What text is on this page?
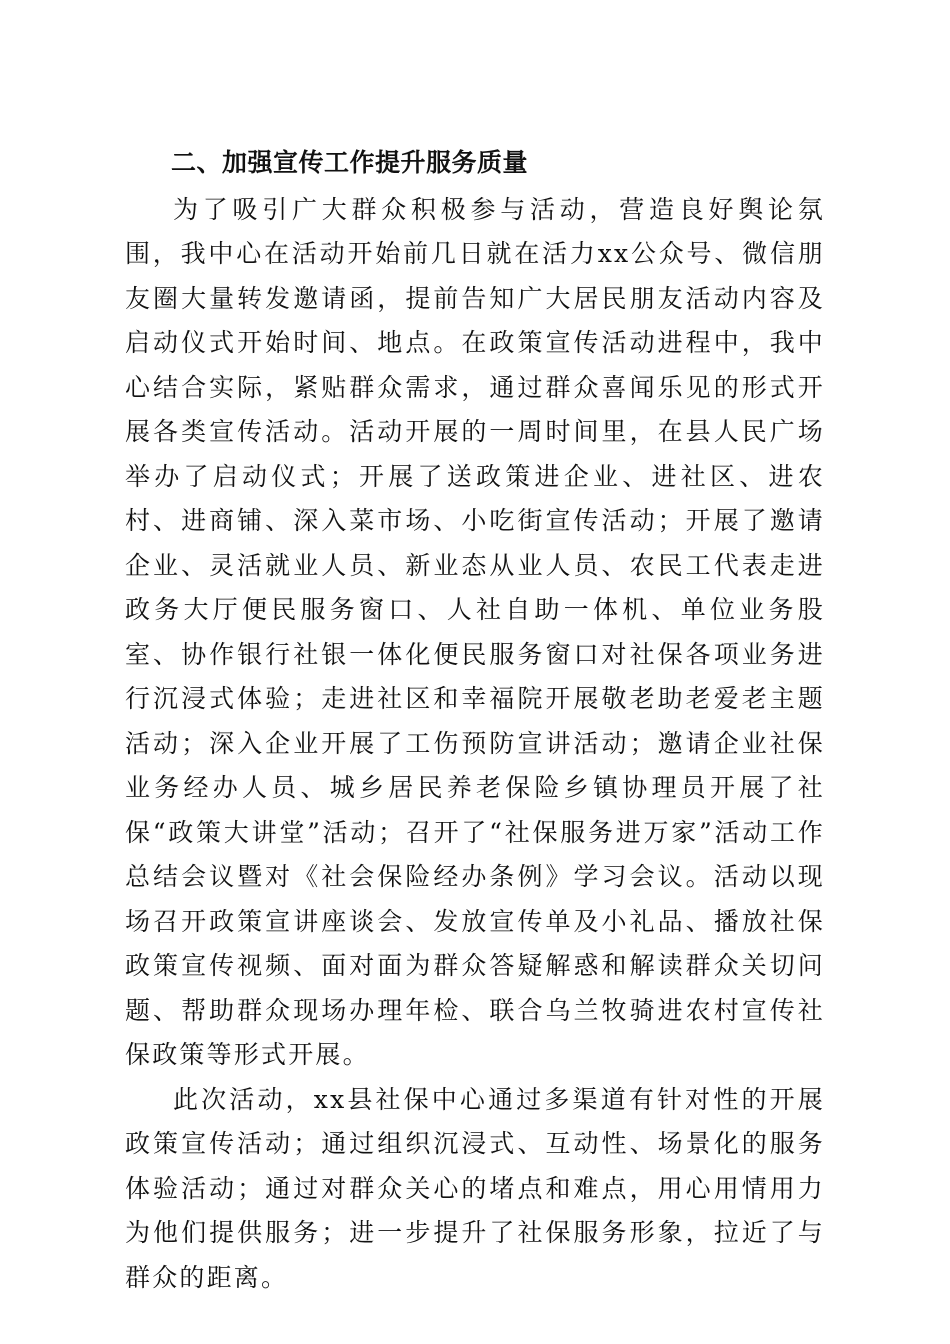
二、加强宣传工作提升服务质量

为了吸引广大群众积极参与活动，营造良好舆论氛围，我中心在活动开始前几日就在活力xx公众号、微信朋友圈大量转发邀请函，提前告知广大居民朋友活动内容及启动仪式开始时间、地点。在政策宣传活动进程中，我中心结合实际，紧贴群众需求，通过群众喜闻乐见的形式开展各类宣传活动。活动开展的一周时间里，在县人民广场举办了启动仪式；开展了送政策进企业、进社区、进农村、进商铺、深入菜市场、小吃街宣传活动；开展了邀请企业、灵活就业人员、新业态从业人员、农民工代表走进政务大厅便民服务窗口、人社自助一体机、单位业务股室、协作银行社银一体化便民服务窗口对社保各项业务进行沉浸式体验；走进社区和幸福院开展敬老助老爱老主题活动；深入企业开展了工伤预防宣讲活动；邀请企业社保业务经办人员、城乡居民养老保险乡镇协理员开展了社保“政策大讲堂”活动；召开了“社保服务进万家”活动工作总结会议暨对《社会保险经办条例》学习会议。活动以现场召开政策宣讲座谈会、发放宣传单及小礼品、播放社保政策宣传视频、面对面为群众答疑解惑和解读群众关切问题、帮助群众现场办理年检、联合乌兰牧骑进农村宣传社保政策等形式开展。

此次活动，xx县社保中心通过多渠道有针对性的开展政策宣传活动；通过组织沉浸式、互动性、场景化的服务体验活动；通过对群众关心的堵点和难点，用心用情用力为他们提供服务；进一步提升了社保服务形象，拉近了与群众的距离。
